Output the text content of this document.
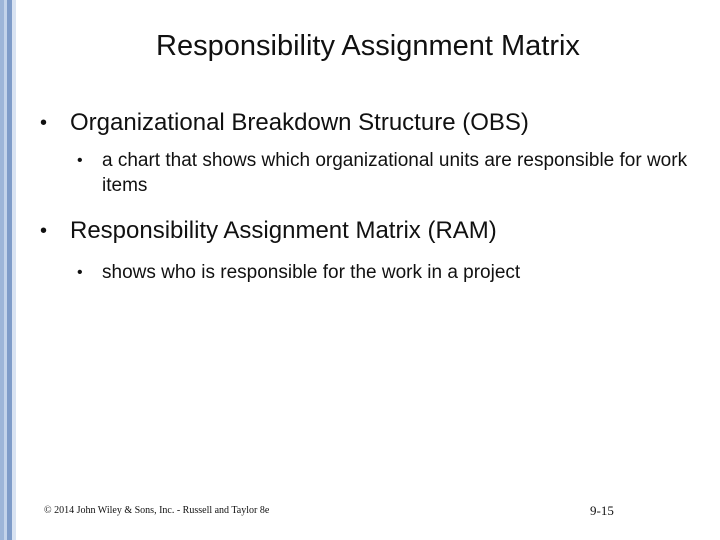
Responsibility Assignment Matrix
• Organizational Breakdown Structure (OBS)
• a chart that shows which organizational units are responsible for work items
• Responsibility Assignment Matrix (RAM)
• shows who is responsible for the work in a project
© 2014 John Wiley & Sons, Inc. - Russell and Taylor 8e	9-15
